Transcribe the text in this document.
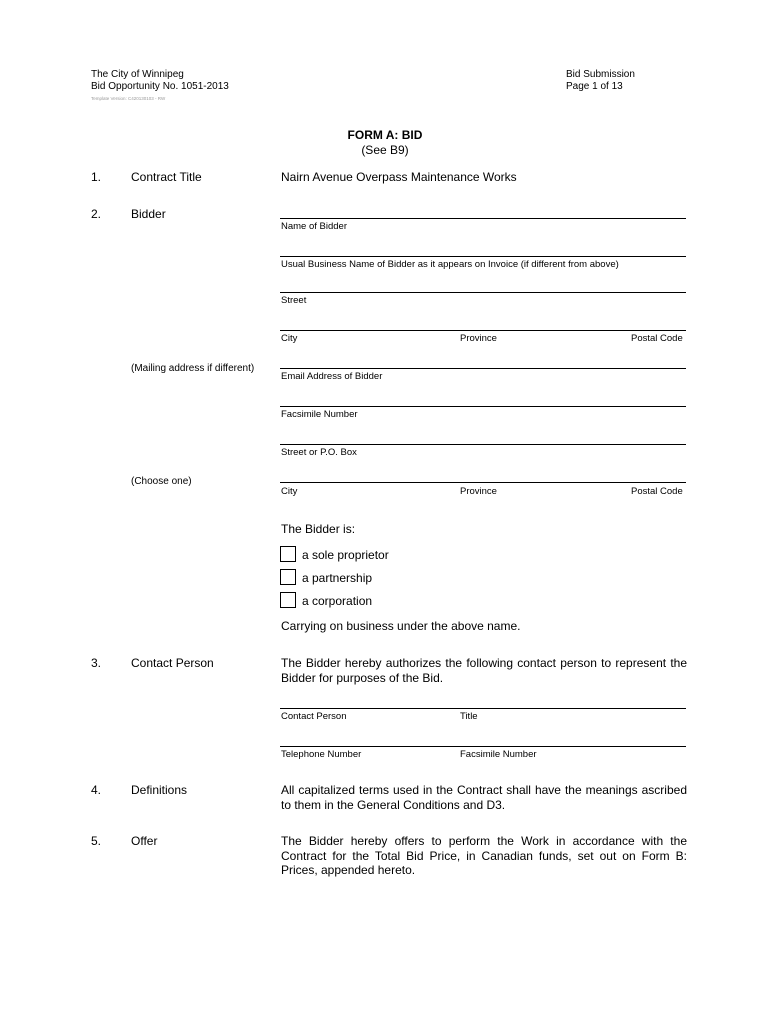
The City of Winnipeg
Bid Opportunity No. 1051-2013
Template Version: C420130103 - RW
Bid Submission
Page 1 of 13
FORM A: BID
(See B9)
1. Contract Title	Nairn Avenue Overpass Maintenance Works
2. Bidder
Name of Bidder
Usual Business Name of Bidder as it appears on Invoice (if different from above)
Street
City	Province	Postal Code
(Mailing address if different)
Email Address of Bidder
Facsimile Number
Street or P.O. Box
(Choose one)
City	Province	Postal Code
The Bidder is:
a sole proprietor
a partnership
a corporation
Carrying on business under the above name.
3. Contact Person	The Bidder hereby authorizes the following contact person to represent the Bidder for purposes of the Bid.
Contact Person	Title
Telephone Number	Facsimile Number
4. Definitions	All capitalized terms used in the Contract shall have the meanings ascribed to them in the General Conditions and D3.
5. Offer	The Bidder hereby offers to perform the Work in accordance with the Contract for the Total Bid Price, in Canadian funds, set out on Form B: Prices, appended hereto.
